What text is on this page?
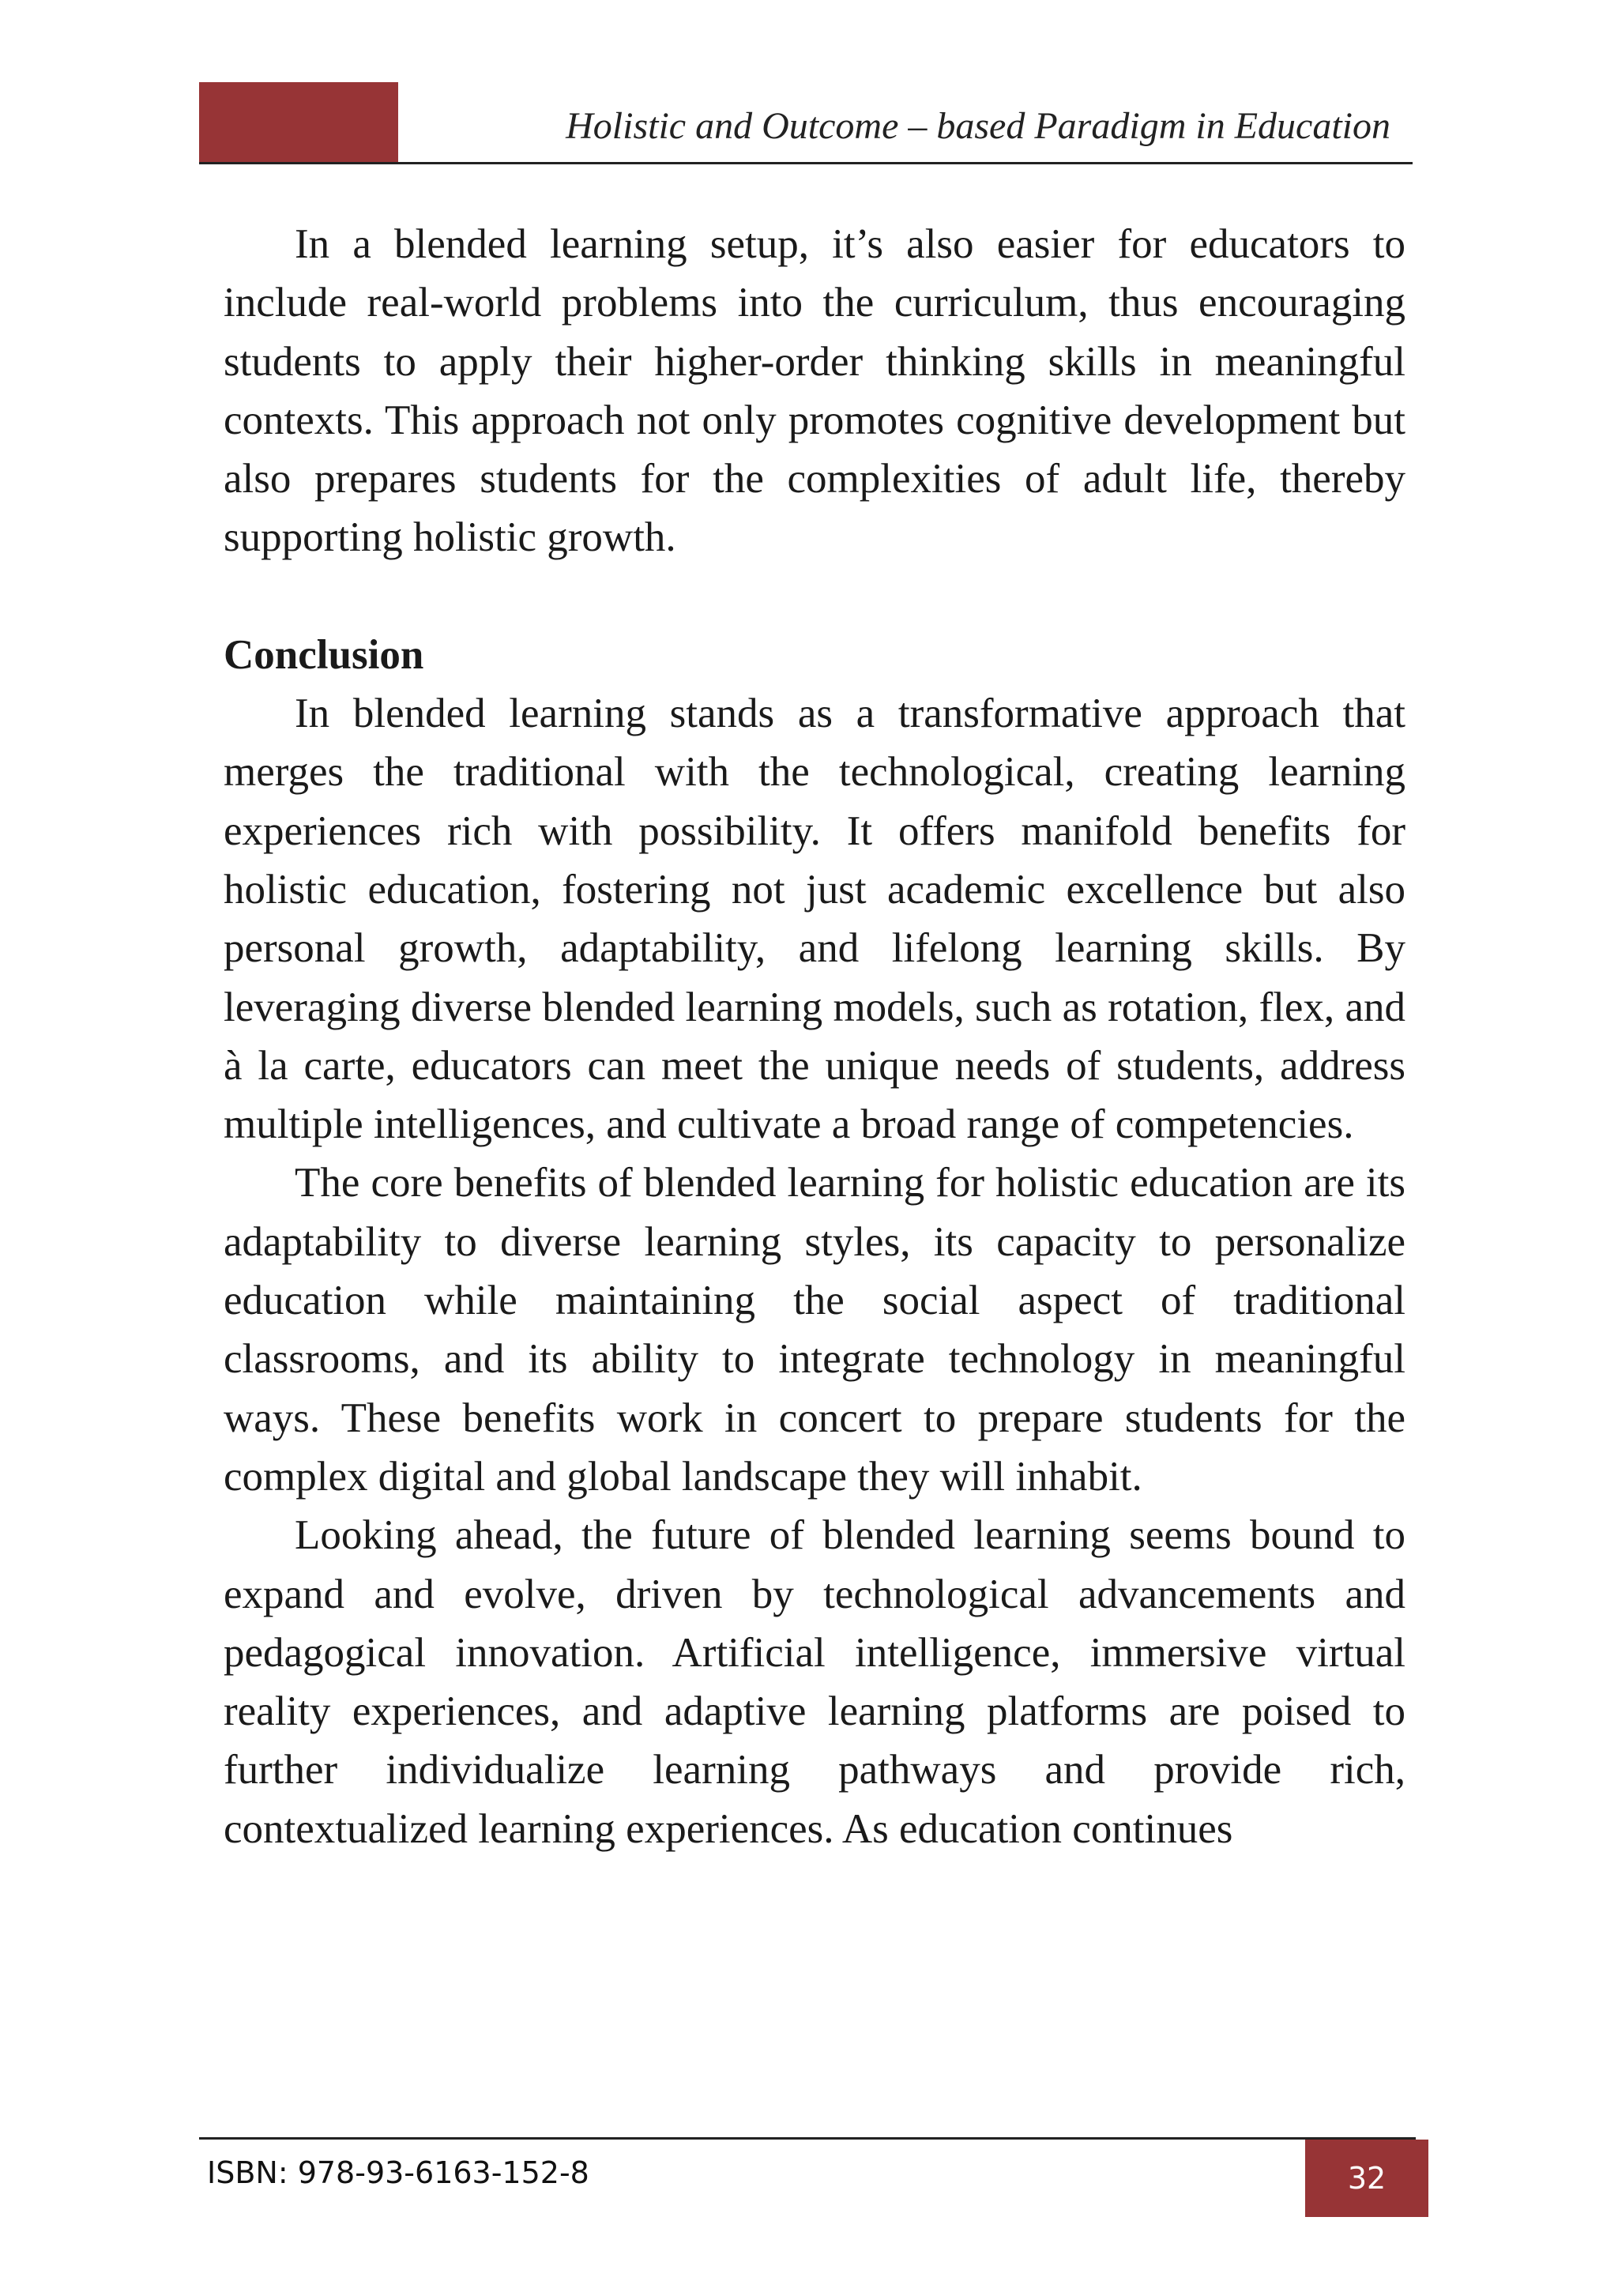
Holistic and Outcome – based Paradigm in Education

In a blended learning setup, it’s also easier for educators to include real-world problems into the curriculum, thus encouraging students to apply their higher-order thinking skills in meaningful contexts. This approach not only promotes cognitive development but also prepares students for the complexities of adult life, thereby supporting holistic growth.

Conclusion

In blended learning stands as a transformative approach that merges the traditional with the technological, creating learning experiences rich with possibility. It offers manifold benefits for holistic education, fostering not just academic excellence but also personal growth, adaptability, and lifelong learning skills. By leveraging diverse blended learning models, such as rotation, flex, and à la carte, educators can meet the unique needs of students, address multiple intelligences, and cultivate a broad range of competencies.

The core benefits of blended learning for holistic education are its adaptability to diverse learning styles, its capacity to personalize education while maintaining the social aspect of traditional classrooms, and its ability to integrate technology in meaningful ways. These benefits work in concert to prepare students for the complex digital and global landscape they will inhabit.

Looking ahead, the future of blended learning seems bound to expand and evolve, driven by technological advancements and pedagogical innovation. Artificial intelligence, immersive virtual reality experiences, and adaptive learning platforms are poised to further individualize learning pathways and provide rich, contextualized learning experiences. As education continues

ISBN: 978-93-6163-152-8	32
